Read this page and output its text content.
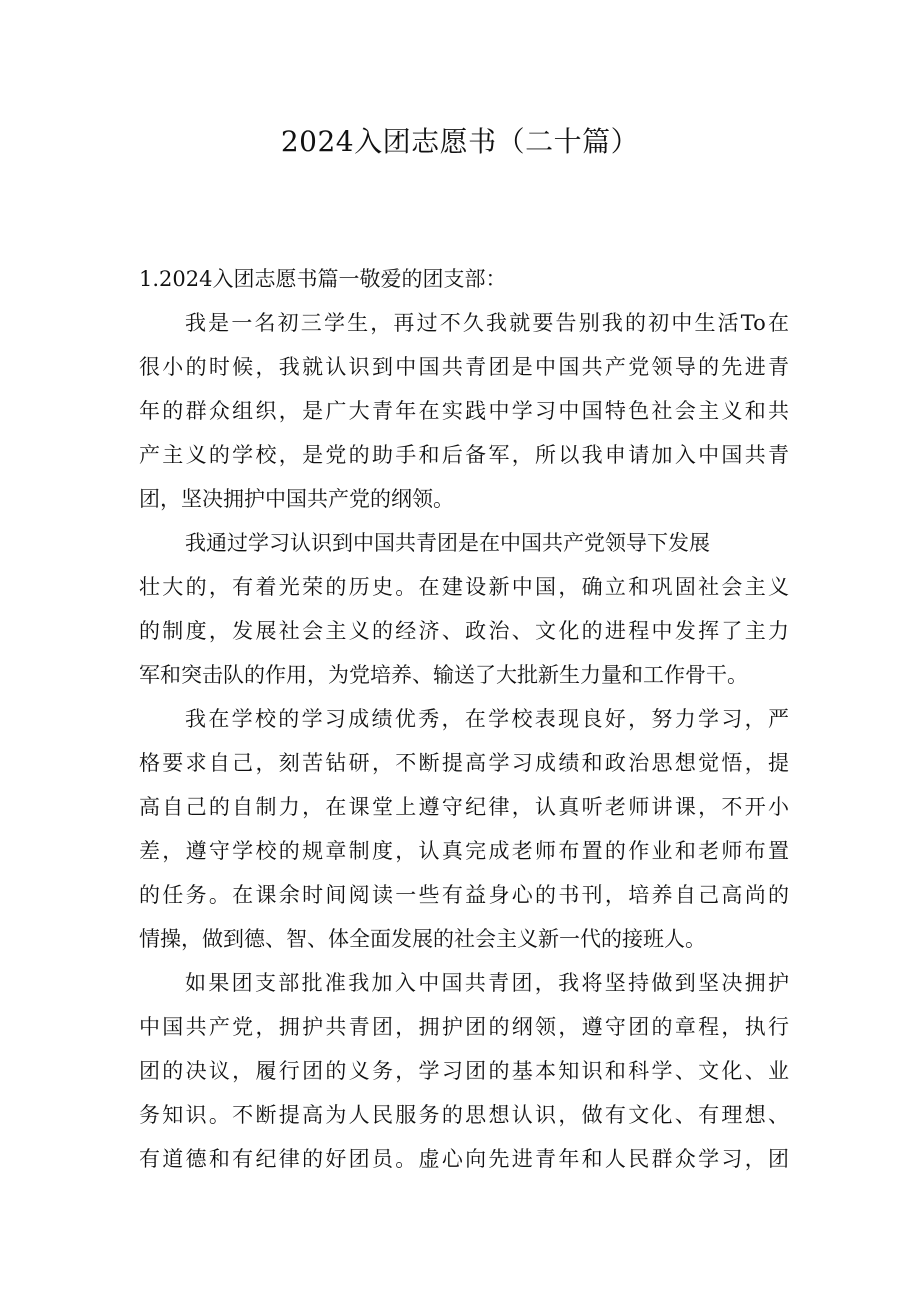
2024入团志愿书（二十篇）
1.2024入团志愿书篇一敬爱的团支部：
我是一名初三学生，再过不久我就要告别我的初中生活To在
很小的时候，我就认识到中国共青团是中国共产党领导的先进青
年的群众组织，是广大青年在实践中学习中国特色社会主义和共
产主义的学校，是党的助手和后备军，所以我申请加入中国共青
团，坚决拥护中国共产党的纲领。
我通过学习认识到中国共青团是在中国共产党领导下发展
壮大的，有着光荣的历史。在建设新中国，确立和巩固社会主义
的制度，发展社会主义的经济、政治、文化的进程中发挥了主力
军和突击队的作用，为党培养、输送了大批新生力量和工作骨干。
我在学校的学习成绩优秀，在学校表现良好，努力学习，严
格要求自己，刻苦钻研，不断提高学习成绩和政治思想觉悟，提
高自己的自制力，在课堂上遵守纪律，认真听老师讲课，不开小
差，遵守学校的规章制度，认真完成老师布置的作业和老师布置
的任务。在课余时间阅读一些有益身心的书刊，培养自己高尚的
情操，做到德、智、体全面发展的社会主义新一代的接班人。
如果团支部批准我加入中国共青团，我将坚持做到坚决拥护
中国共产党，拥护共青团，拥护团的纲领，遵守团的章程，执行
团的决议，履行团的义务，学习团的基本知识和科学、文化、业
务知识。不断提高为人民服务的思想认识，做有文化、有理想、
有道德和有纪律的好团员。虚心向先进青年和人民群众学习，团
